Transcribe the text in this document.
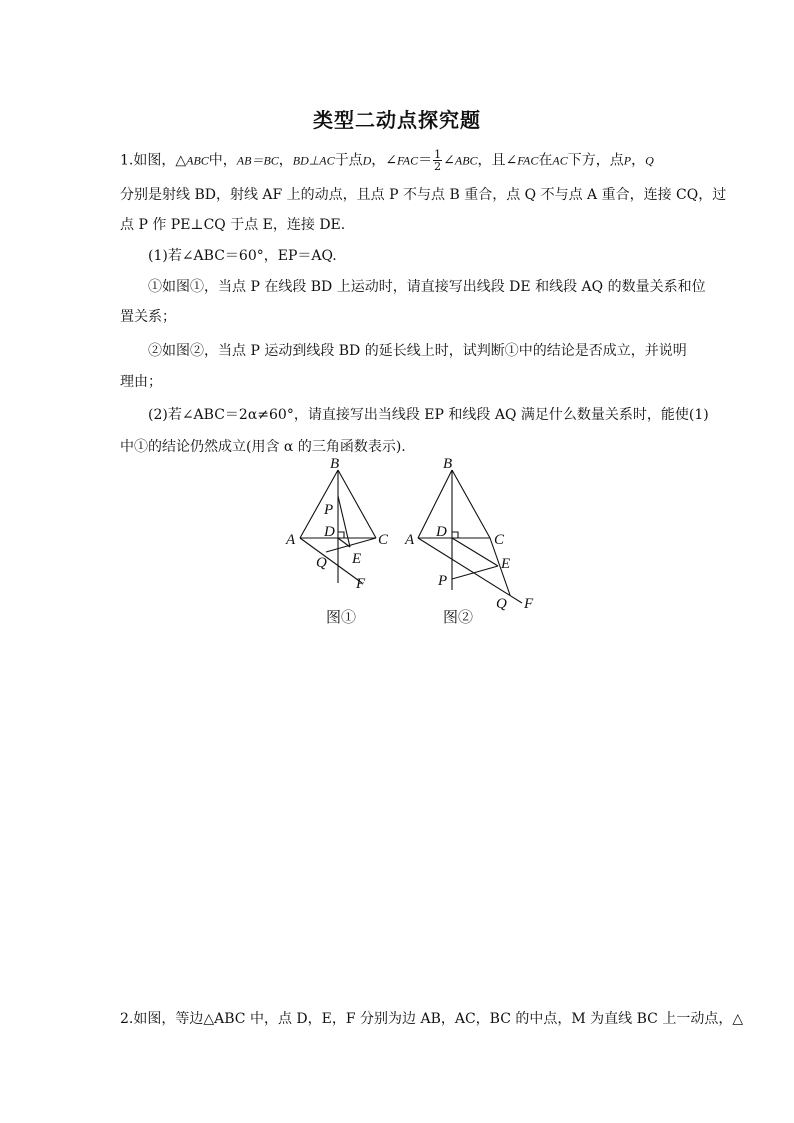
类型二动点探究题
1.如图，△ABC中，AB＝BC，BD⊥AC于点D，∠FAC＝ $\frac{1}{2}$ ∠ABC，且∠FAC在AC下方，点P，Q
分别是射线 BD，射线 AF 上的动点，且点 P 不与点 B 重合，点 Q 不与点 A 重合，连接 CQ，过
点 P 作 PE⊥CQ 于点 E，连接 DE.
(1)若∠ABC＝60°，EP＝AQ.
①如图①，当点 P 在线段 BD 上运动时，请直接写出线段 DE 和线段 AQ 的数量关系和位
置关系；
②如图②，当点 P 运动到线段 BD 的延长线上时，试判断①中的结论是否成立，并说明
理由；
(2)若∠ABC＝2α≠60°，请直接写出当线段 EP 和线段 AQ 满足什么数量关系时，能使(1)
中①的结论仍然成立(用含 α 的三角函数表示).
B
P
D
A	C
Q E
F
图①
B
A D	C
E
P
Q F
图②
2.如图，等边△ABC 中，点 D，E，F 分别为边 AB，AC，BC 的中点，M 为直线 BC 上一动点，△
